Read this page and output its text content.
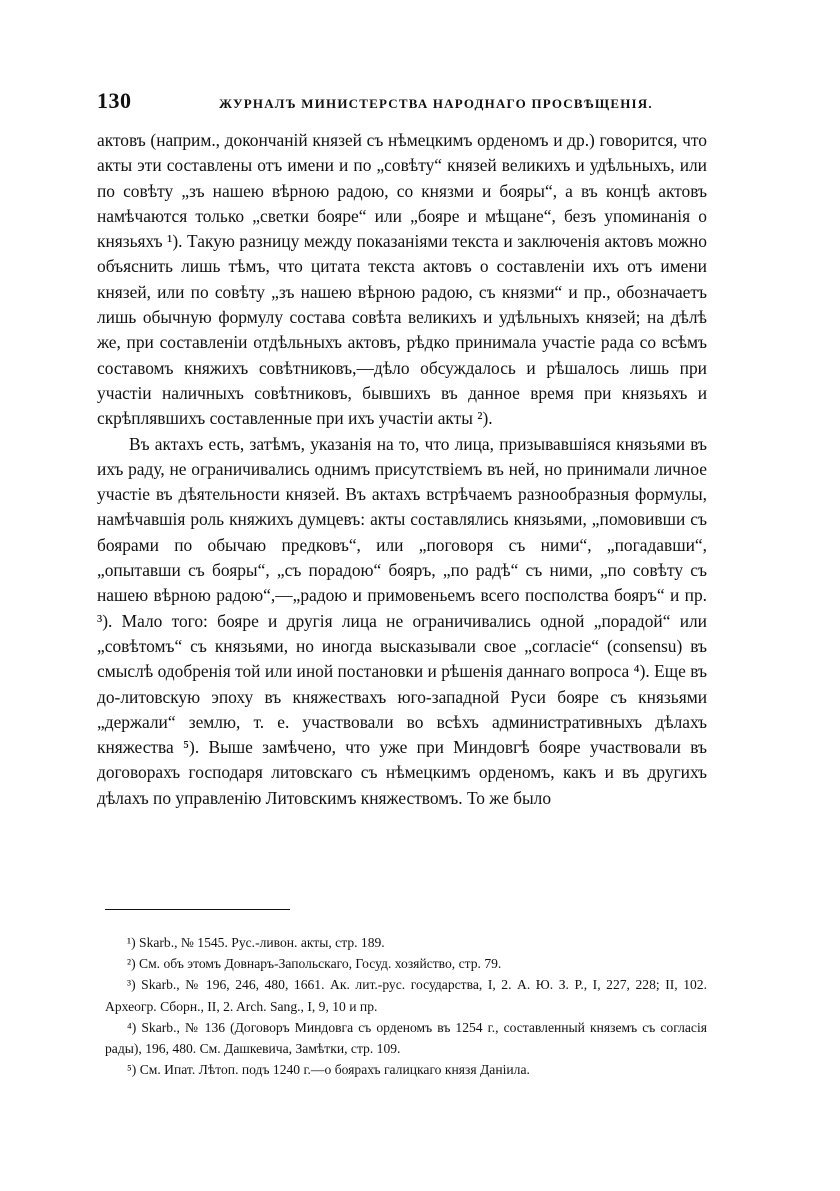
130	ЖУРНАЛЪ МИНИСТЕРСТВА НАРОДНАГО ПРОСВѢЩЕНІЯ.

актовъ (наприм., докончаній князей съ нѣмецкимъ орденомъ и др.) говорится, что акты эти составлены отъ имени и по „совѣту“ князей великихъ и удѣльныхъ, или по совѣту „зъ нашею вѣрною радою, со князми и бояры“, а въ концѣ актовъ намѣчаются только „светки бояре“ или „бояре и мѣщане“, безъ упоминанія о князьяхъ ¹). Такую разницу между показаніями текста и заключенія актовъ можно объяснить лишь тѣмъ, что цитата текста актовъ о составленіи ихъ отъ имени князей, или по совѣту „зъ нашею вѣрною радою, съ князми“ и пр., обозначаетъ лишь обычную формулу состава совѣта великихъ и удѣльныхъ князей; на дѣлѣ же, при составленіи отдѣльныхъ актовъ, рѣдко принимала участіе рада со всѣмъ составомъ княжихъ совѣтниковъ,—дѣло обсуждалось и рѣшалось лишь при участіи наличныхъ совѣтниковъ, бывшихъ въ данное время при князьяхъ и скрѣплявшихъ составленные при ихъ участіи акты ²).

Въ актахъ есть, затѣмъ, указанія на то, что лица, призывавшіяся князьями въ ихъ раду, не ограничивались однимъ присутствіемъ въ ней, но принимали личное участіе въ дѣятельности князей. Въ актахъ встрѣчаемъ разнообразныя формулы, намѣчавшія роль княжихъ думцевъ: акты составлялись князьями, „помовивши съ боярами по обычаю предковъ“, или „поговоря съ ними“, „погадавши“, „опытавши съ бояры“, „съ порадою“ бояръ, „по радѣ“ съ ними, „по совѣту съ нашею вѣрною радою“,—„радою и примовеньемъ всего посполства бояръ“ и пр. ³). Мало того: бояре и другія лица не ограничивались одной „порадой“ или „совѣтомъ“ съ князьями, но иногда высказывали свое „согласіе“ (consensu) въ смыслѣ одобренія той или иной постановки и рѣшенія даннаго вопроса ⁴). Еще въ до-литовскую эпоху въ княжествахъ юго-западной Руси бояре съ князьями „держали“ землю, т. е. участвовали во всѣхъ административныхъ дѣлахъ княжества ⁵). Выше замѣчено, что уже при Миндовгѣ бояре участвовали въ договорахъ господаря литовскаго съ нѣмецкимъ орденомъ, какъ и въ другихъ дѣлахъ по управленію Литовскимъ княжествомъ. То же было

¹) Skarb., № 1545. Рус.-ливон. акты, стр. 189.
²) См. объ этомъ Довнаръ-Запольскаго, Госуд. хозяйство, стр. 79.
³) Skarb., № 196, 246, 480, 1661. Ак. лит.-рус. государства, I, 2. А. Ю. З. Р., I, 227, 228; II, 102. Археогр. Сборн., II, 2. Arch. Sang., I, 9, 10 и пр.
⁴) Skarb., № 136 (Договоръ Миндовга съ орденомъ въ 1254 г., составленный княземъ съ согласія рады), 196, 480. См. Дашкевича, Замѣтки, стр. 109.
⁵) См. Ипат. Лѣтоп. подъ 1240 г.—о боярахъ галицкаго князя Даніила.
